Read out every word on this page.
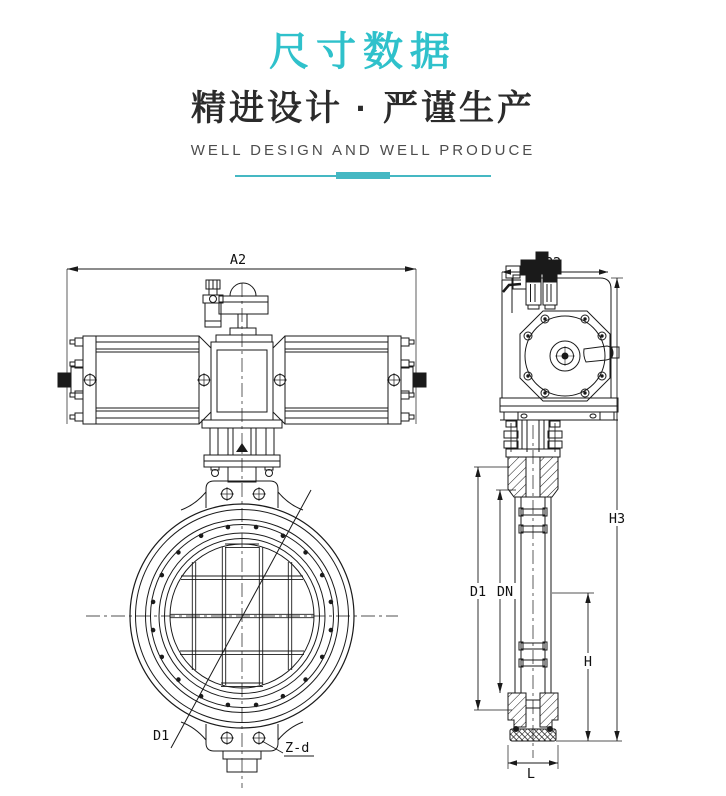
尺寸数据
精进设计 · 严谨生产
WELL DESIGN AND WELL PRODUCE
A2
D1
Z-d
D1 DN
H
H3
L
